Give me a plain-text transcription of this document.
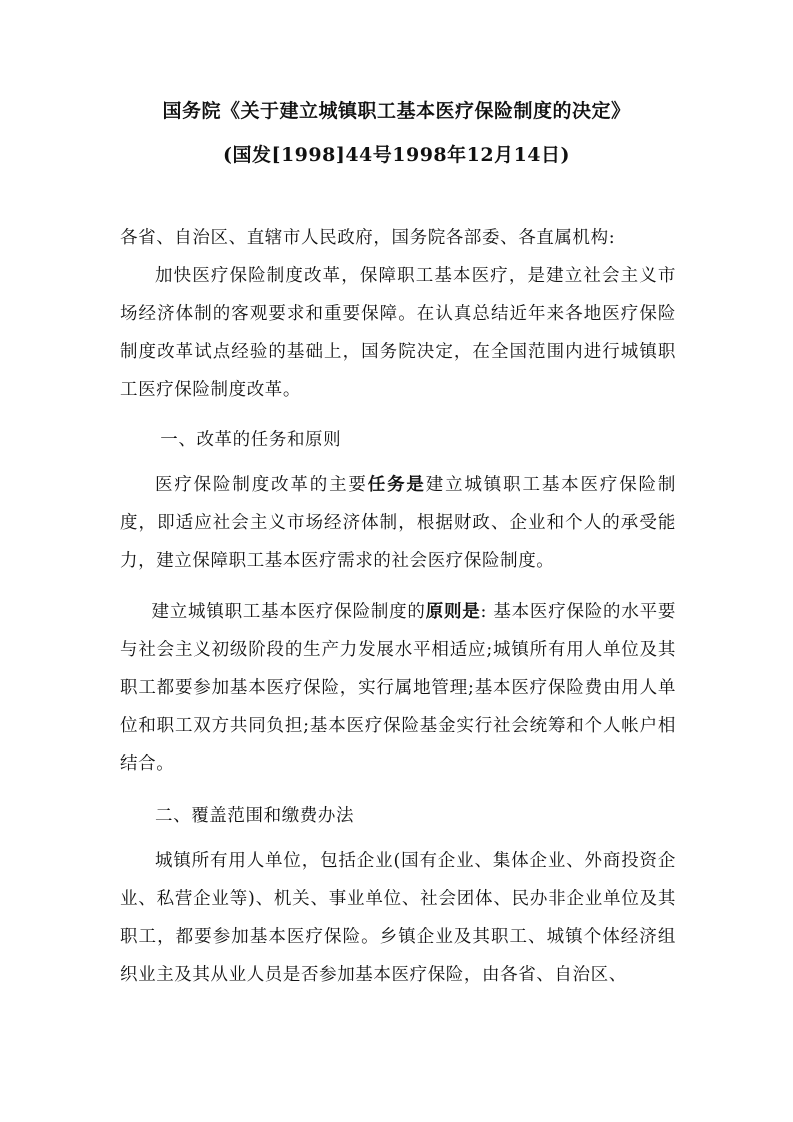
国务院《关于建立城镇职工基本医疗保险制度的决定》
(国发[1998]44号1998年12月14日)

各省、自治区、直辖市人民政府，国务院各部委、各直属机构:

加快医疗保险制度改革，保障职工基本医疗，是建立社会主义市场经济体制的客观要求和重要保障。在认真总结近年来各地医疗保险制度改革试点经验的基础上，国务院决定，在全国范围内进行城镇职工医疗保险制度改革。

一、改革的任务和原则

医疗保险制度改革的主要任务是建立城镇职工基本医疗保险制度，即适应社会主义市场经济体制，根据财政、企业和个人的承受能力，建立保障职工基本医疗需求的社会医疗保险制度。

建立城镇职工基本医疗保险制度的原则是: 基本医疗保险的水平要与社会主义初级阶段的生产力发展水平相适应;城镇所有用人单位及其职工都要参加基本医疗保险，实行属地管理;基本医疗保险费由用人单位和职工双方共同负担;基本医疗保险基金实行社会统筹和个人帐户相结合。

二、覆盖范围和缴费办法

城镇所有用人单位，包括企业(国有企业、集体企业、外商投资企业、私营企业等)、机关、事业单位、社会团体、民办非企业单位及其职工，都要参加基本医疗保险。乡镇企业及其职工、城镇个体经济组织业主及其从业人员是否参加基本医疗保险，由各省、自治区、
